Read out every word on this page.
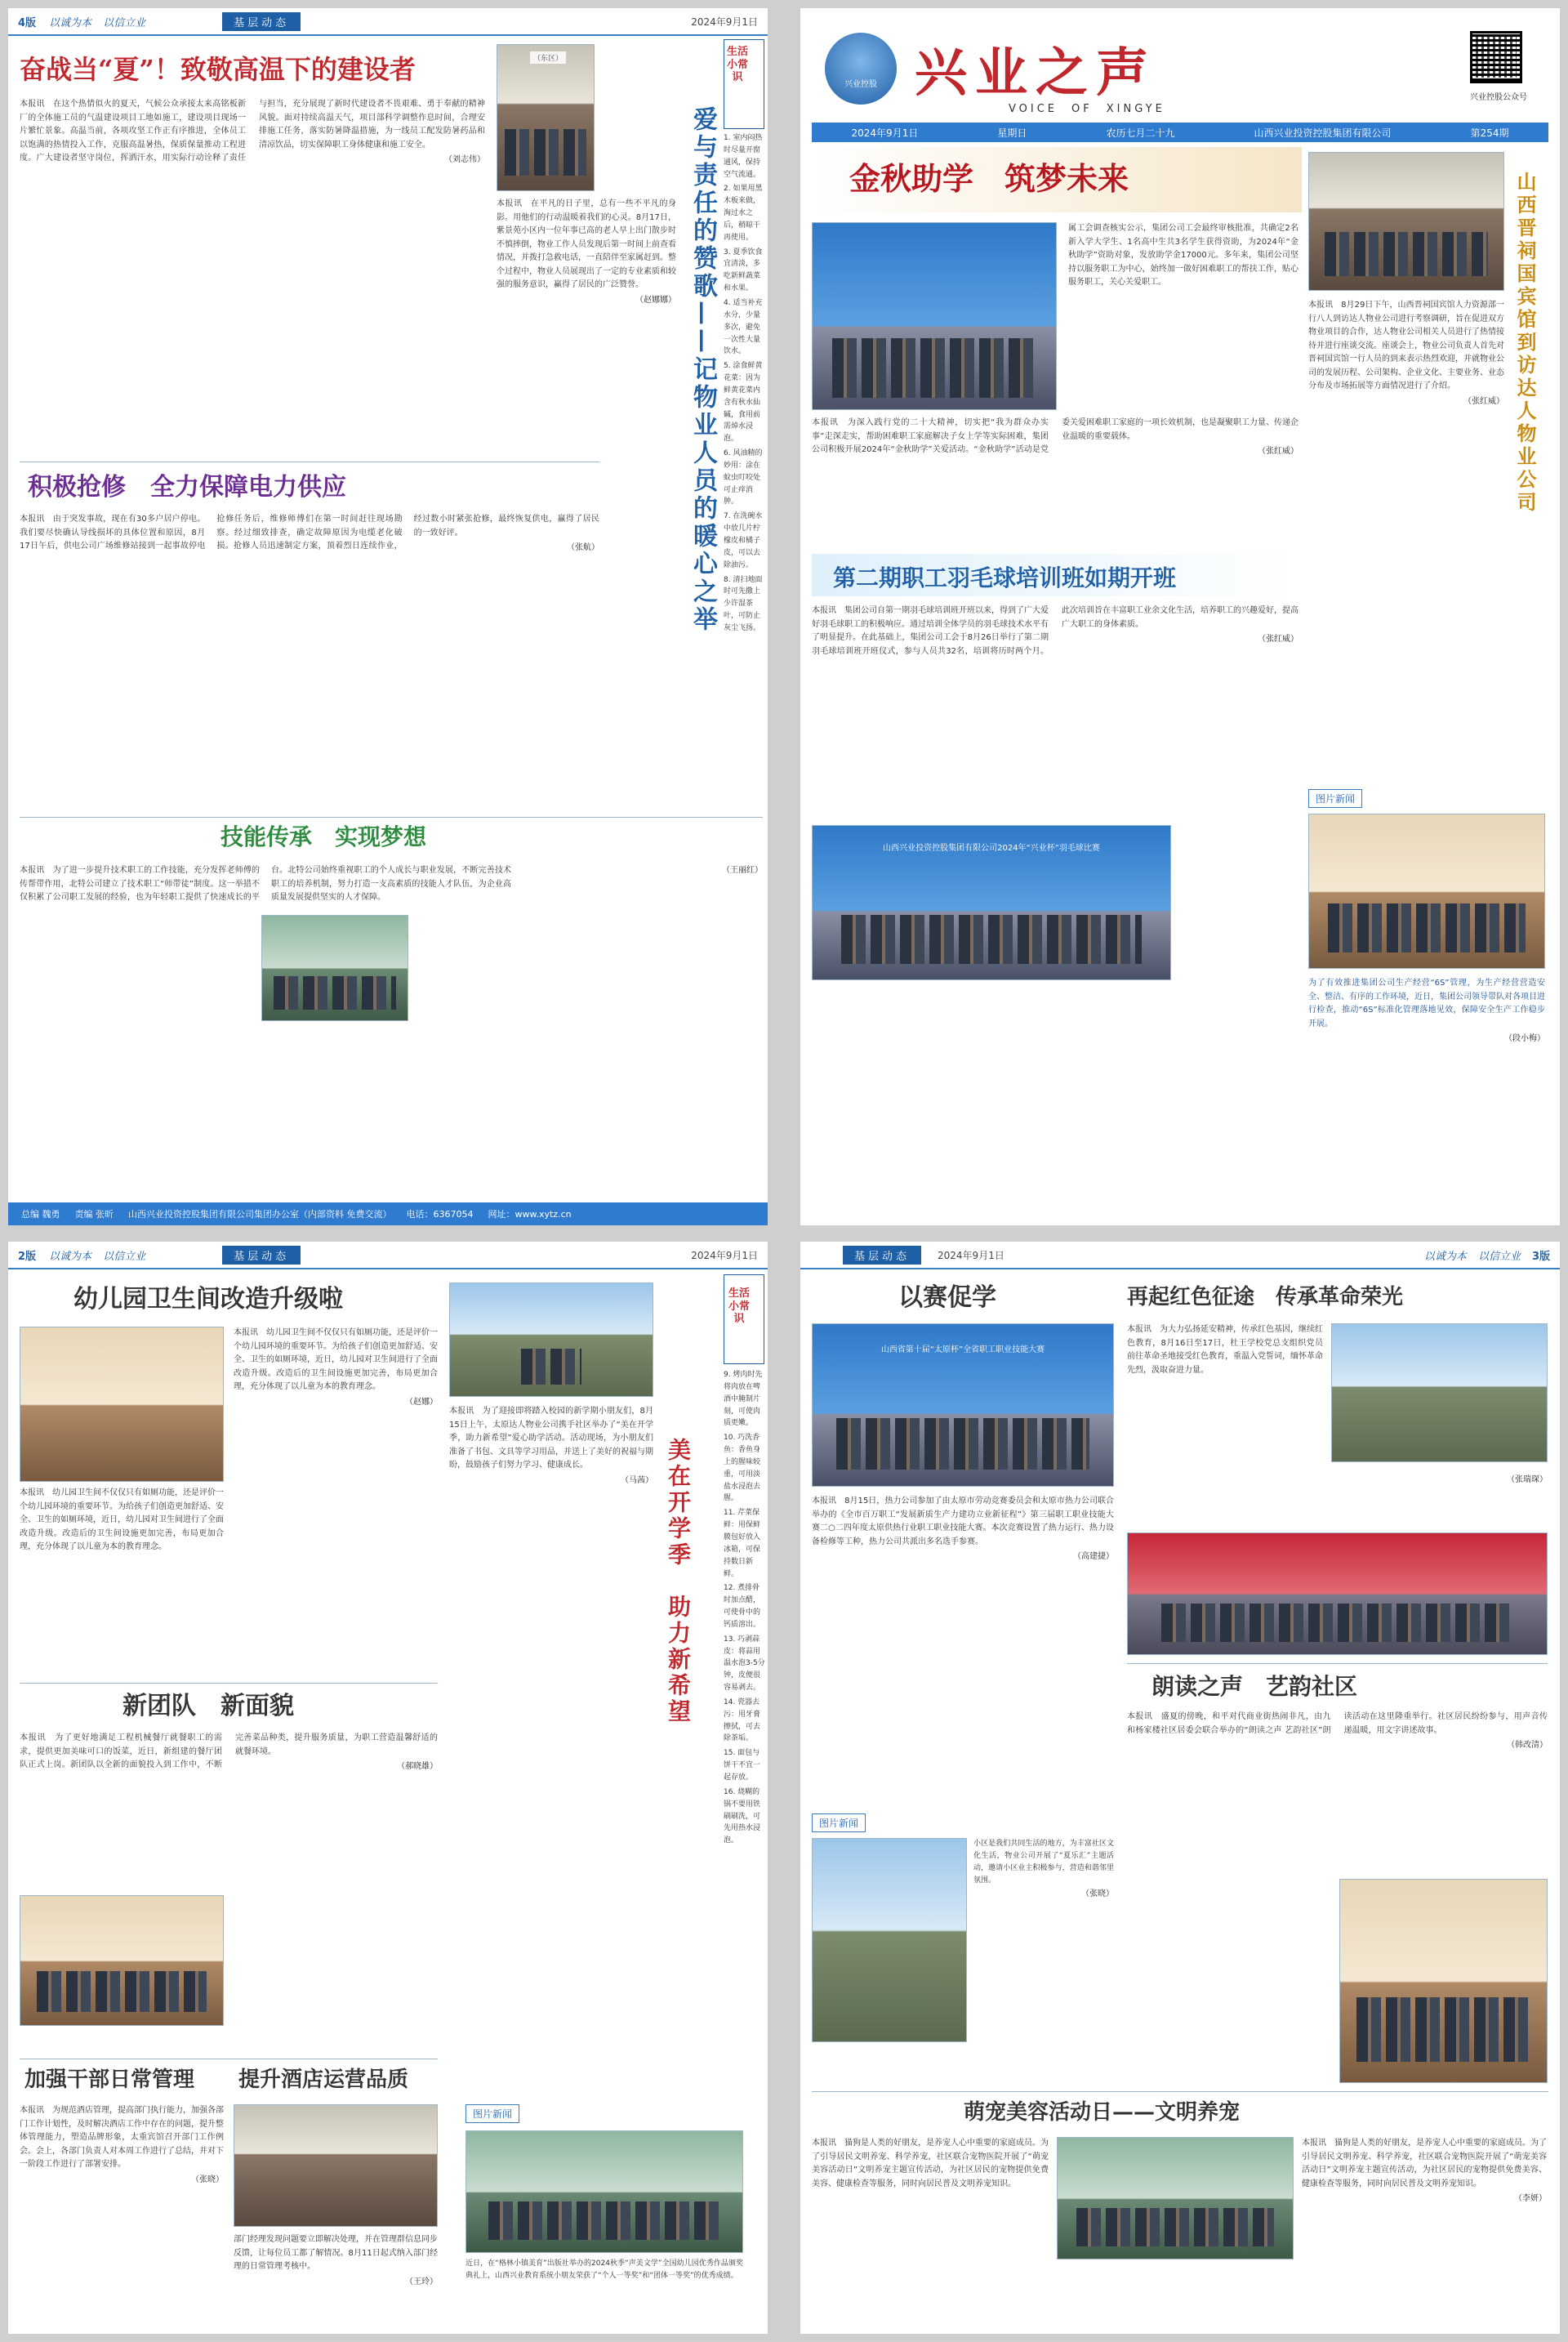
4版 以诚为本 以信立业	基层动态	2024年9月1日
奋战当“夏”！致敬高温下的建设者	（东区）
本报讯　在这个热情似火的夏天，气候公众承接太来高铭板新厂的全体施工员的气温建设项目工地如施工，建设项目现场一片繁忙景象。高温当前，各项攻坚工作正有序推进，全体员工以饱满的热情投入工作，克服高温暑热，保质保量推动工程进度。广大建设者坚守岗位，挥洒汗水，用实际行动诠释了责任与担当，充分展现了新时代建设者不畏艰难、勇于奉献的精神风貌。面对持续高温天气，项目部科学调整作息时间，合理安排施工任务，落实防暑降温措施，为一线员工配发防暑药品和清凉饮品，切实保障职工身体健康和施工安全。
（刘志伟）
积极抢修　全力保障电力供应
本报讯　由于突发事故，现在有30多户居户停电。我们要尽快确认导线损坏的具体位置和原因，8月17日午后，供电公司广场维修站接到一起事故停电抢修任务后，维修师傅们在第一时间赶往现场勘察。经过细致排查，确定故障原因为电缆老化破损。抢修人员迅速制定方案，顶着烈日连续作业，经过数小时紧张抢修，最终恢复供电，赢得了居民的一致好评。
（张航）	爱与责任的赞歌——记物业人员的暖心之举
本报讯　在平凡的日子里，总有一些不平凡的身影。用他们的行动温暖着我们的心灵。8月17日，紫景苑小区内一位年事已高的老人早上出门散步时不慎摔倒，物业工作人员发现后第一时间上前查看情况，并拨打急救电话，一直陪伴至家属赶到。整个过程中，物业人员展现出了一定的专业素质和较强的服务意识，赢得了居民的广泛赞誉。
（赵娜娜）
生活小常识

1. 室内闷热时尽量开窗通风，保持空气流通。

2. 如果用黑木板来做，淘过水之后，稍晾干再使用。

3. 夏季饮食宜清淡，多吃新鲜蔬菜和水果。

4. 适当补充水分，少量多次，避免一次性大量饮水。

5. 涂食鲜黄花菜：因为鲜黄花菜内含有秋水仙碱，食用前需焯水浸泡。

6. 风油精的妙用：涂在蚊虫叮咬处可止痒消肿。

7. 在洗碗水中放几片柠檬皮和橘子皮，可以去除油污。

8. 清扫地面时可先撒上少许湿茶叶，可防止灰尘飞扬。

技能传承　实现梦想
本报讯　为了进一步提升技术职工的工作技能，充分发挥老师傅的传帮带作用，北特公司建立了技术职工“师带徒”制度。这一举措不仅积累了公司职工发展的经验，也为年轻职工提供了快速成长的平台。北特公司始终重视职工的个人成长与职业发展，不断完善技术职工的培养机制，努力打造一支高素质的技能人才队伍，为企业高质量发展提供坚实的人才保障。
（王丽红）
总编 魏勇 责编 张昕 山西兴业投资控股集团有限公司集团办公室（内部资料 免费交流） 电话：6367054 网址：www.xytz.cn
兴业控股 兴业之声
VOICE　OF　XINGYE
兴业控股公众号
2024年9月1日	星期日	农历七月二十九	山西兴业投资控股集团有限公司	第254期
金秋助学　筑梦未来
属工会调查核实公示，集团公司工会最终审核批准，共确定2名新入学大学生、1名高中生共3名学生获得资助，为2024年“金秋助学”资助对象，发放助学金17000元。多年来，集团公司坚持以服务职工为中心，始终加一做好困难职工的帮扶工作，贴心服务职工，关心关爱职工。
本报讯　为深入践行党的二十大精神，切实把“我为群众办实事”走深走实，帮助困难职工家庭解决子女上学等实际困难，集团公司积极开展2024年“金秋助学”关爱活动。“金秋助学”活动是党委关爱困难职工家庭的一项长效机制，也是凝聚职工力量、传递企业温暖的重要载体。
（张红威）
第二期职工羽毛球培训班如期开班
本报讯　集团公司自第一期羽毛球培训班开班以来，得到了广大爱好羽毛球职工的积极响应。通过培训全体学员的羽毛球技术水平有了明显提升。在此基础上，集团公司工会于8月26日举行了第二期羽毛球培训班开班仪式，参与人员共32名，培训将历时两个月。此次培训旨在丰富职工业余文化生活，培养职工的兴趣爱好，提高广大职工的身体素质。
（张红威）
山西兴业投资控股集团有限公司2024年“兴业杯”羽毛球比赛
山西晋祠国宾馆到访达人物业公司
本报讯　8月29日下午，山西晋祠国宾馆人力资源部一行八人到访达人物业公司进行考察调研，旨在促进双方物业项目的合作，达人物业公司相关人员进行了热情接待并进行座谈交流。座谈会上，物业公司负责人首先对晋祠国宾馆一行人员的到来表示热烈欢迎，并就物业公司的发展历程、公司架构、企业文化、主要业务、业态分布及市场拓展等方面情况进行了介绍。
（张红威）
图片新闻
为了有效推进集团公司生产经营“6S”管理，为生产经营营造安全、整洁、有序的工作环境，近日，集团公司领导带队对各项目进行检查，推动“6S”标准化管理落地见效，保障安全生产工作稳步开展。
（段小梅）
2版 以诚为本 以信立业	基层动态	2024年9月1日
幼儿园卫生间改造升级啦
本报讯　幼儿园卫生间不仅仅只有如厕功能，还是评价一个幼儿园环境的重要环节。为给孩子们创造更加舒适、安全、卫生的如厕环境，近日，幼儿园对卫生间进行了全面改造升级。改造后的卫生间设施更加完善，布局更加合理，充分体现了以儿童为本的教育理念。
本报讯　幼儿园卫生间不仅仅只有如厕功能，还是评价一个幼儿园环境的重要环节。为给孩子们创造更加舒适、安全、卫生的如厕环境，近日，幼儿园对卫生间进行了全面改造升级。改造后的卫生间设施更加完善，布局更加合理，充分体现了以儿童为本的教育理念。
（赵娜）
新团队　新面貌
本报讯　为了更好地满足工程机械餐厅就餐职工的需求，提供更加美味可口的饭菜，近日，新组建的餐厅团队正式上岗。新团队以全新的面貌投入到工作中，不断完善菜品种类，提升服务质量，为职工营造温馨舒适的就餐环境。
（郝晓雄）
加强干部日常管理 提升酒店运营品质
本报讯　为规范酒店管理，提高部门执行能力，加强各部门工作计划性，及时解决酒店工作中存在的问题，提升整体管理能力，塑造品牌形象，太重宾馆召开部门工作例会。会上，各部门负责人对本周工作进行了总结，并对下一阶段工作进行了部署安排。
（张晓）
部门经理发现问题要立即解决处理，并在管理群信息同步反馈，让每位员工都了解情况。8月11日起式纳入部门经理的日常管理考核中。
（王玲）
本报讯　为了迎接即将踏入校园的新学期小朋友们，8月15日上午，太原达人物业公司携手社区举办了“美在开学季，助力新希望”爱心助学活动。活动现场，为小朋友们准备了书包、文具等学习用品，并送上了美好的祝福与期盼，鼓励孩子们努力学习、健康成长。
（马茜） 美在开学季　助力新希望
生活小常识

9. 烤肉时先将肉放在啤酒中腌制片刻，可使肉质更嫩。

10. 巧洗香鱼：香鱼身上的腥味较重，可用淡盐水浸泡去腥。

11. 芹菜保鲜：用保鲜膜包好放入冰箱，可保持数日新鲜。

12. 煮排骨时加点醋，可使骨中的钙质溶出。

13. 巧剥蒜皮：将蒜用温水泡3-5分钟，皮便很容易剥去。

14. 瓷器去污：用牙膏擦拭，可去除茶垢。

15. 面包与饼干不宜一起存放。

16. 烧糊的锅不要用铁刷刷洗，可先用热水浸泡。

图片新闻
近日，在“格林小镇美育”出版社举办的2024秋季“声美文学”全国幼儿园优秀作品颁奖典礼上，山西兴业教育系统小朋友荣获了“个人一等奖”和“团体一等奖”的优秀成绩。
基层动态	2024年9月1日	以诚为本 以信立业 3版
以赛促学
山西省第十届“太原杯”全省职工职业技能大赛
本报讯　8月15日，热力公司参加了由太原市劳动竞赛委员会和太原市热力公司联合举办的《全市百万职工“发展新质生产力建功立业新征程”》第三届职工职业技能大赛二○二四年度太原供热行业职工职业技能大赛。本次竞赛设置了热力运行、热力设备检修等工种，热力公司共派出多名选手参赛。
（高建捷）
再起红色征途　传承革命荣光
本报讯　为大力弘扬延安精神，传承红色基因，继续红色教育，8月16日至17日，杜王学校党总支组织党员前往革命圣地接受红色教育，重温入党誓词，缅怀革命先烈，汲取奋进力量。
（张瑞琛）
朗读之声　艺韵社区
本报讯　盛夏的傍晚，和平对代商业街热闹非凡，由九和杨家楼社区居委会联合举办的“朗读之声 艺韵社区”朗读活动在这里隆重举行。社区居民纷纷参与，用声音传递温暖，用文字讲述故事。
（韩改清）
图片新闻
小区是我们共同生活的地方，为丰富社区文化生活，物业公司开展了“夏乐汇”主题活动，邀请小区业主积极参与，营造和谐邻里氛围。
（张晓）
萌宠美容活动日——文明养宠
本报讯　猫狗是人类的好朋友，是养宠人心中重要的家庭成员。为了引导居民文明养宠、科学养宠，社区联合宠物医院开展了“萌宠美容活动日”文明养宠主题宣传活动，为社区居民的宠物提供免费美容、健康检查等服务，同时向居民普及文明养宠知识。
本报讯　猫狗是人类的好朋友，是养宠人心中重要的家庭成员。为了引导居民文明养宠、科学养宠，社区联合宠物医院开展了“萌宠美容活动日”文明养宠主题宣传活动，为社区居民的宠物提供免费美容、健康检查等服务，同时向居民普及文明养宠知识。
（李妍）
